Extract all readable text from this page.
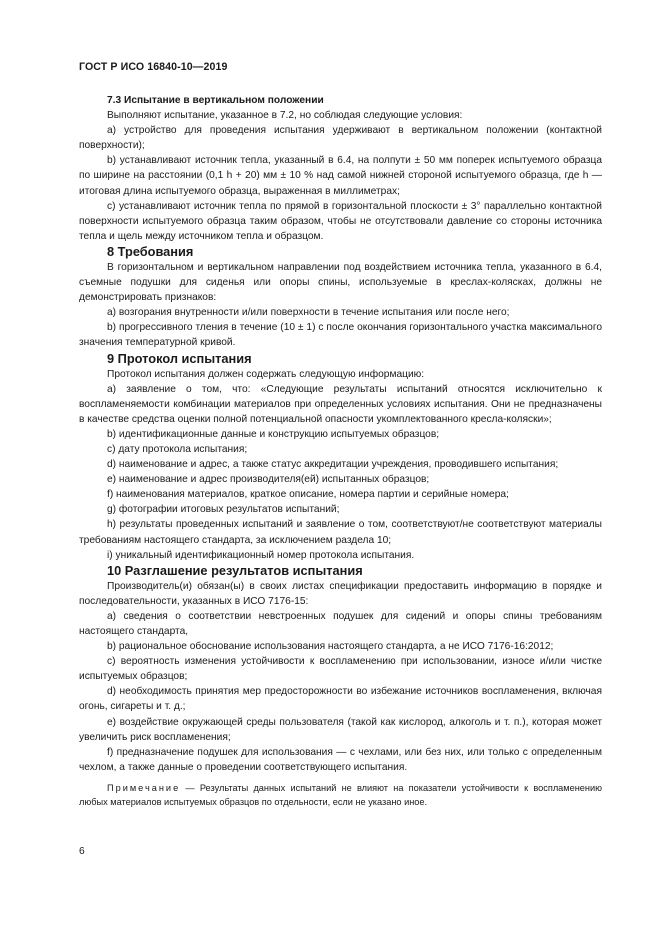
ГОСТ Р ИСО 16840-10—2019

7.3 Испытание в вертикальном положении

Выполняют испытание, указанное в 7.2, но соблюдая следующие условия:

a) устройство для проведения испытания удерживают в вертикальном положении (контактной поверхности);

b) устанавливают источник тепла, указанный в 6.4, на полпути ± 50 мм поперек испытуемого образца по ширине на расстоянии (0,1 h + 20) мм ± 10 % над самой нижней стороной испытуемого образца, где h — итоговая длина испытуемого образца, выраженная в миллиметрах;

c) устанавливают источник тепла по прямой в горизонтальной плоскости ± 3° параллельно контактной поверхности испытуемого образца таким образом, чтобы не отсутствовали давление со стороны источника тепла и щель между источником тепла и образцом.

8 Требования

В горизонтальном и вертикальном направлении под воздействием источника тепла, указанного в 6.4, съемные подушки для сиденья или опоры спины, используемые в креслах-колясках, должны не демонстрировать признаков:

a) возгорания внутренности и/или поверхности в течение испытания или после него;

b) прогрессивного тления в течение (10 ± 1) с после окончания горизонтального участка максимального значения температурной кривой.

9 Протокол испытания

Протокол испытания должен содержать следующую информацию:

a) заявление о том, что: «Следующие результаты испытаний относятся исключительно к воспламеняемости комбинации материалов при определенных условиях испытания. Они не предназначены в качестве средства оценки полной потенциальной опасности укомплектованного кресла-коляски»;

b) идентификационные данные и конструкцию испытуемых образцов;

c) дату протокола испытания;

d) наименование и адрес, а также статус аккредитации учреждения, проводившего испытания;

e) наименование и адрес производителя(ей) испытанных образцов;

f) наименования материалов, краткое описание, номера партии и серийные номера;

g) фотографии итоговых результатов испытаний;

h) результаты проведенных испытаний и заявление о том, соответствуют/не соответствуют материалы требованиям настоящего стандарта, за исключением раздела 10;

i) уникальный идентификационный номер протокола испытания.

10 Разглашение результатов испытания

Производитель(и) обязан(ы) в своих листах спецификации предоставить информацию в порядке и последовательности, указанных в ИСО 7176-15:

a) сведения о соответствии невстроенных подушек для сидений и опоры спины требованиям настоящего стандарта,

b) рациональное обоснование использования настоящего стандарта, а не ИСО 7176-16:2012;

c) вероятность изменения устойчивости к воспламенению при использовании, износе и/или чистке испытуемых образцов;

d) необходимость принятия мер предосторожности во избежание источников воспламенения, включая огонь, сигареты и т. д.;

e) воздействие окружающей среды пользователя (такой как кислород, алкоголь и т. п.), которая может увеличить риск воспламенения;

f) предназначение подушек для использования — с чехлами, или без них, или только с определенным чехлом, а также данные о проведении соответствующего испытания.

Примечание — Результаты данных испытаний не влияют на показатели устойчивости к воспламенению любых материалов испытуемых образцов по отдельности, если не указано иное.

6
